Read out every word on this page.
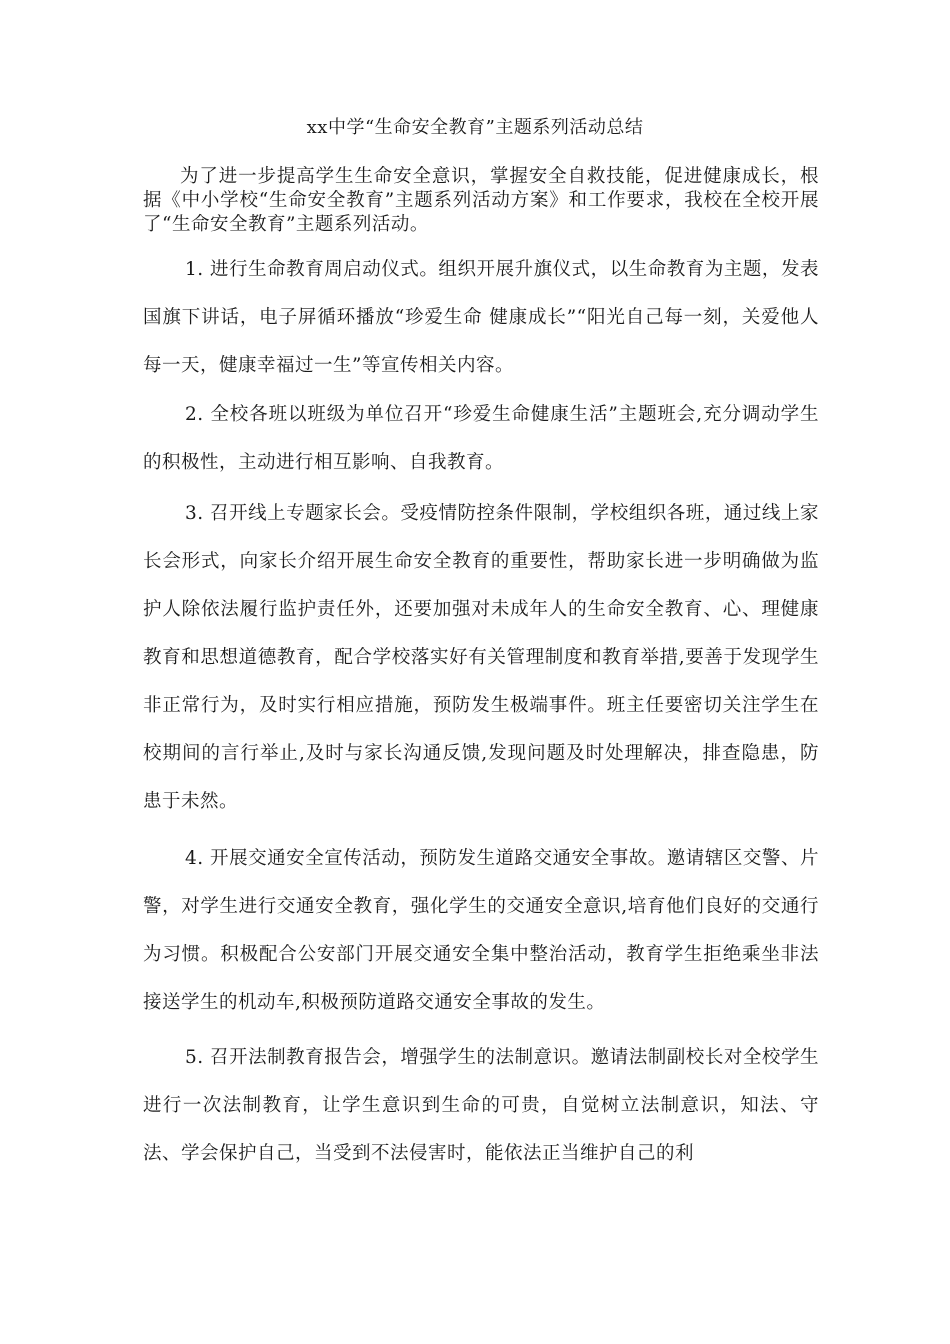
xx中学“生命安全教育”主题系列活动总结

为了进一步提高学生生命安全意识，掌握安全自救技能，促进健康成长，根据《中小学校“生命安全教育”主题系列活动方案》和工作要求，我校在全校开展了“生命安全教育”主题系列活动。

1. 进行生命教育周启动仪式。组织开展升旗仪式，以生命教育为主题，发表国旗下讲话，电子屏循环播放“珍爱生命 健康成长”“阳光自己每一刻，关爱他人每一天，健康幸福过一生”等宣传相关内容。

2. 全校各班以班级为单位召开“珍爱生命健康生活”主题班会,充分调动学生的积极性，主动进行相互影响、自我教育。

3. 召开线上专题家长会。受疫情防控条件限制，学校组织各班，通过线上家长会形式，向家长介绍开展生命安全教育的重要性，帮助家长进一步明确做为监护人除依法履行监护责任外，还要加强对未成年人的生命安全教育、心、理健康教育和思想道德教育，配合学校落实好有关管理制度和教育举措,要善于发现学生非正常行为，及时实行相应措施，预防发生极端事件。班主任要密切关注学生在校期间的言行举止,及时与家长沟通反馈,发现问题及时处理解决，排查隐患，防患于未然。

4. 开展交通安全宣传活动，预防发生道路交通安全事故。邀请辖区交警、片警，对学生进行交通安全教育，强化学生的交通安全意识,培育他们良好的交通行为习惯。积极配合公安部门开展交通安全集中整治活动，教育学生拒绝乘坐非法接送学生的机动车,积极预防道路交通安全事故的发生。

5. 召开法制教育报告会，增强学生的法制意识。邀请法制副校长对全校学生进行一次法制教育，让学生意识到生命的可贵，自觉树立法制意识，知法、守法、学会保护自己，当受到不法侵害时，能依法正当维护自己的利
